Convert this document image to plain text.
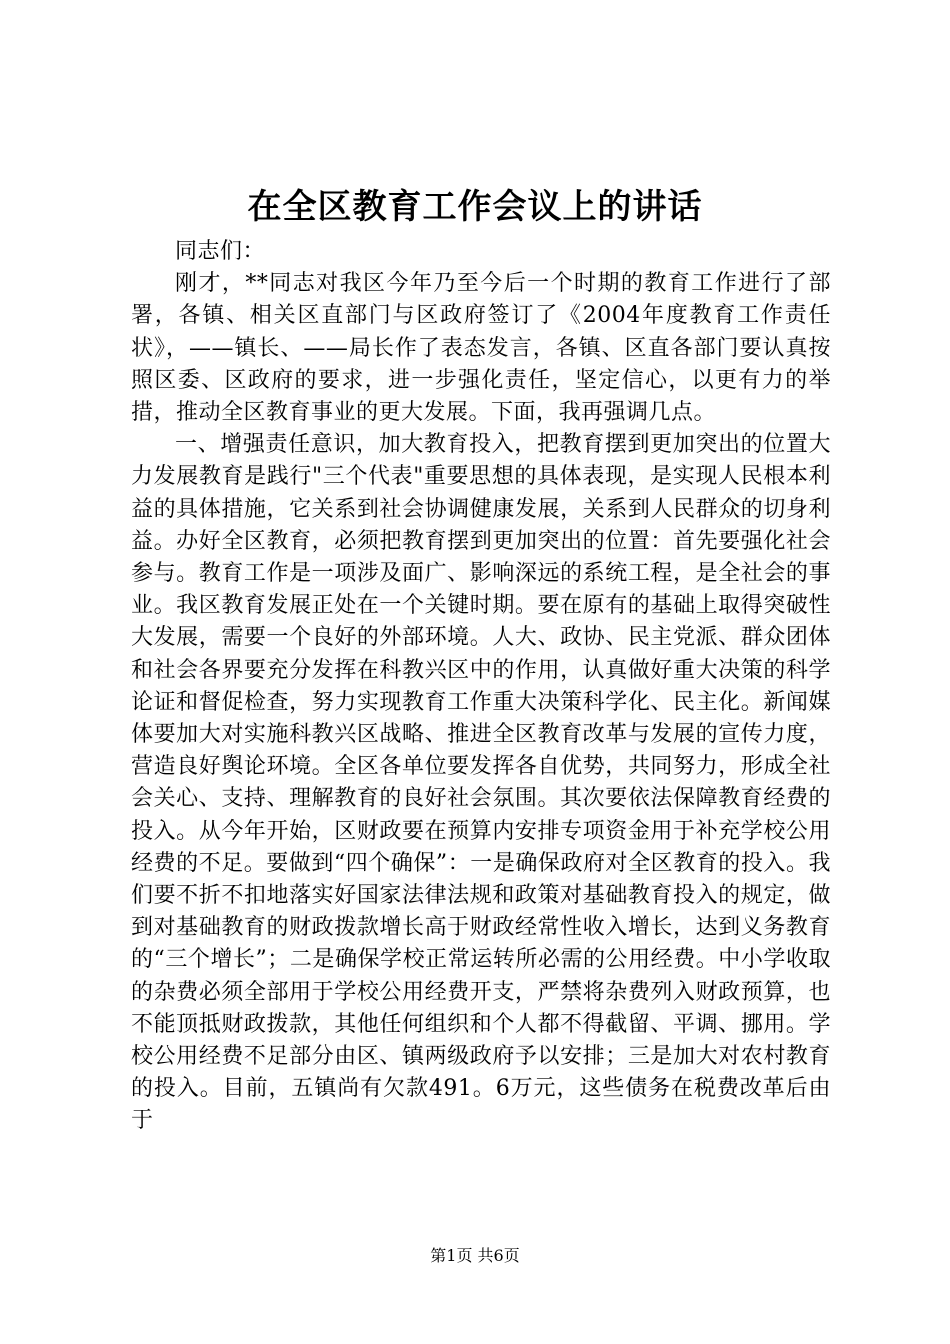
在全区教育工作会议上的讲话

同志们：

刚才，**同志对我区今年乃至今后一个时期的教育工作进行了部署，各镇、相关区直部门与区政府签订了《2004年度教育工作责任状》，——镇长、——局长作了表态发言，各镇、区直各部门要认真按照区委、区政府的要求，进一步强化责任，坚定信心，以更有力的举措，推动全区教育事业的更大发展。下面，我再强调几点。

一、增强责任意识，加大教育投入，把教育摆到更加突出的位置大力发展教育是践行"三个代表"重要思想的具体表现，是实现人民根本利益的具体措施，它关系到社会协调健康发展，关系到人民群众的切身利益。办好全区教育，必须把教育摆到更加突出的位置：首先要强化社会参与。教育工作是一项涉及面广、影响深远的系统工程，是全社会的事业。我区教育发展正处在一个关键时期。要在原有的基础上取得突破性大发展，需要一个良好的外部环境。人大、政协、民主党派、群众团体和社会各界要充分发挥在科教兴区中的作用，认真做好重大决策的科学论证和督促检查，努力实现教育工作重大决策科学化、民主化。新闻媒体要加大对实施科教兴区战略、推进全区教育改革与发展的宣传力度，营造良好舆论环境。全区各单位要发挥各自优势，共同努力，形成全社会关心、支持、理解教育的良好社会氛围。其次要依法保障教育经费的投入。从今年开始，区财政要在预算内安排专项资金用于补充学校公用经费的不足。要做到“四个确保”：一是确保政府对全区教育的投入。我们要不折不扣地落实好国家法律法规和政策对基础教育投入的规定，做到对基础教育的财政拨款增长高于财政经常性收入增长，达到义务教育的“三个增长”；二是确保学校正常运转所必需的公用经费。中小学收取的杂费必须全部用于学校公用经费开支，严禁将杂费列入财政预算，也不能顶抵财政拨款，其他任何组织和个人都不得截留、平调、挪用。学校公用经费不足部分由区、镇两级政府予以安排；三是加大对农村教育的投入。目前，五镇尚有欠款491。6万元，这些债务在税费改革后由于

第1页 共6页
